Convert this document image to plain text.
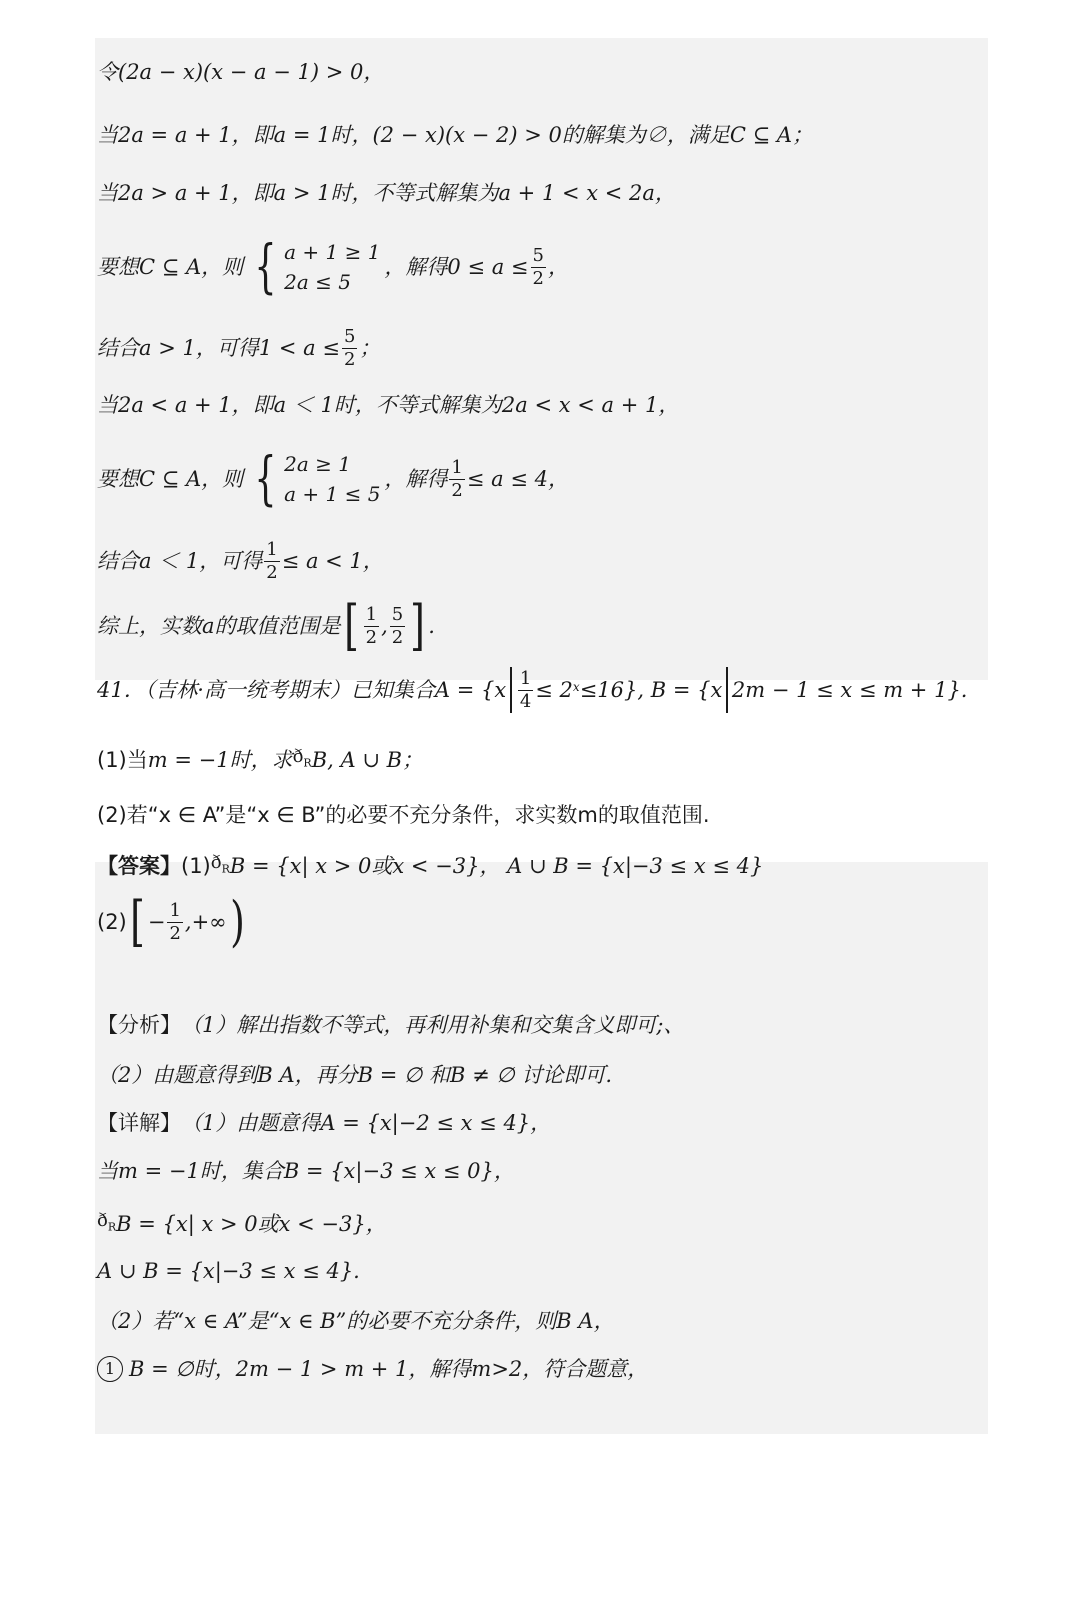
令(2a − x)(x − a − 1) > 0，
当2a = a + 1，即a = 1时， (2 − x)(x − 2) > 0 的解集为∅，满足C ⊆ A；
当2a > a + 1，即a > 1时，不等式解集为a + 1 < x < 2a，
要想C ⊆ A，则 { a + 1 ≥ 1
2a ≤ 5
，解得$0 \le a \le \frac{5}{2}$ ，
结合a > 1，可得$1 < a \le \frac{5}{2}$ ；
当2a < a + 1，即a ＜ 1时，不等式解集为2a < x < a + 1，
要想C ⊆ A，则 { 2a ≥ 1
a + 1 ≤ 5
，解得 $\frac{1}{2} \le a \le 4$，
结合a ＜ 1，可得 $\frac{1}{2} \le a < 1$，
综上，实数a的取值范围是 [ $\frac{1}{2}$ , $\frac{5}{2}$ ] .
41．（吉林·高一统考期末）已知集合$A = \{x \frac{1}{4} \le 2$ x ≤16}, B = {x 2m − 1 ≤ x ≤ m + 1}.
(1)当 m = −1时，求 $ð_R$ B, A ∪ B；
(2)若“x ∈ A”是“x ∈ B”的必要不充分条件，求实数m的取值范围.
【答案】 (1) $ð_R$ B = {x| x > 0或x < −3}， A ∪ B = {x|−3 ≤ x ≤ 4}
(2) [ − $\frac{1}{2}$ ,+∞ )
【分析】 （1）解出指数不等式，再利用补集和交集含义即可;、
（2）由题意得到B A，再分B = ∅ 和B ≠ ∅ 讨论即可.
【详解】 （1）由题意得A = {x|−2 ≤ x ≤ 4}，
当m = −1时，集合B = {x|−3 ≤ x ≤ 0}，
$ð_R$ B = {x| x > 0或x < −3}，
A ∪ B = {x|−3 ≤ x ≤ 4}.
（2）若“x ∈ A”是“x ∈ B”的必要不充分条件，则B A，
1 B = ∅时，2m − 1 > m + 1，解得m>2，符合题意，
